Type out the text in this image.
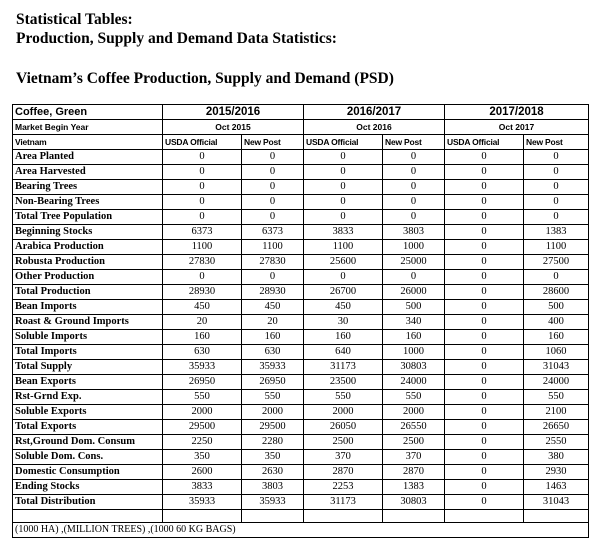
Statistical Tables:
Production, Supply and Demand Data Statistics:
Vietnam’s Coffee Production, Supply and Demand (PSD)
Coffee, Green	2015/2016		2016/2017		2017/2018	
Market Begin Year	Oct 2015		Oct 2016		Oct 2017	
Vietnam	USDA Official	New Post	USDA Official	New Post	USDA Official	New Post
Area Planted	0	0	0	0	0	0
Area Harvested	0	0	0	0	0	0
Bearing Trees	0	0	0	0	0	0
Non-Bearing Trees	0	0	0	0	0	0
Total Tree Population	0	0	0	0	0	0
Beginning Stocks	6373	6373	3833	3803	0	1383
Arabica Production	1100	1100	1100	1000	0	1100
Robusta Production	27830	27830	25600	25000	0	27500
Other Production	0	0	0	0	0	0
Total Production	28930	28930	26700	26000	0	28600
Bean Imports	450	450	450	500	0	500
Roast & Ground Imports	20	20	30	340	0	400
Soluble Imports	160	160	160	160	0	160
Total Imports	630	630	640	1000	0	1060
Total Supply	35933	35933	31173	30803	0	31043
Bean Exports	26950	26950	23500	24000	0	24000
Rst-Grnd Exp.	550	550	550	550	0	550
Soluble Exports	2000	2000	2000	2000	0	2100
Total Exports	29500	29500	26050	26550	0	26650
Rst,Ground Dom. Consum	2250	2280	2500	2500	0	2550
Soluble Dom. Cons.	350	350	370	370	0	380
Domestic Consumption	2600	2630	2870	2870	0	2930
Ending Stocks	3833	3803	2253	1383	0	1463
Total Distribution	35933	35933	31173	30803	0	31043

(1000 HA) ,(MILLION TREES) ,(1000 60 KG BAGS)						
